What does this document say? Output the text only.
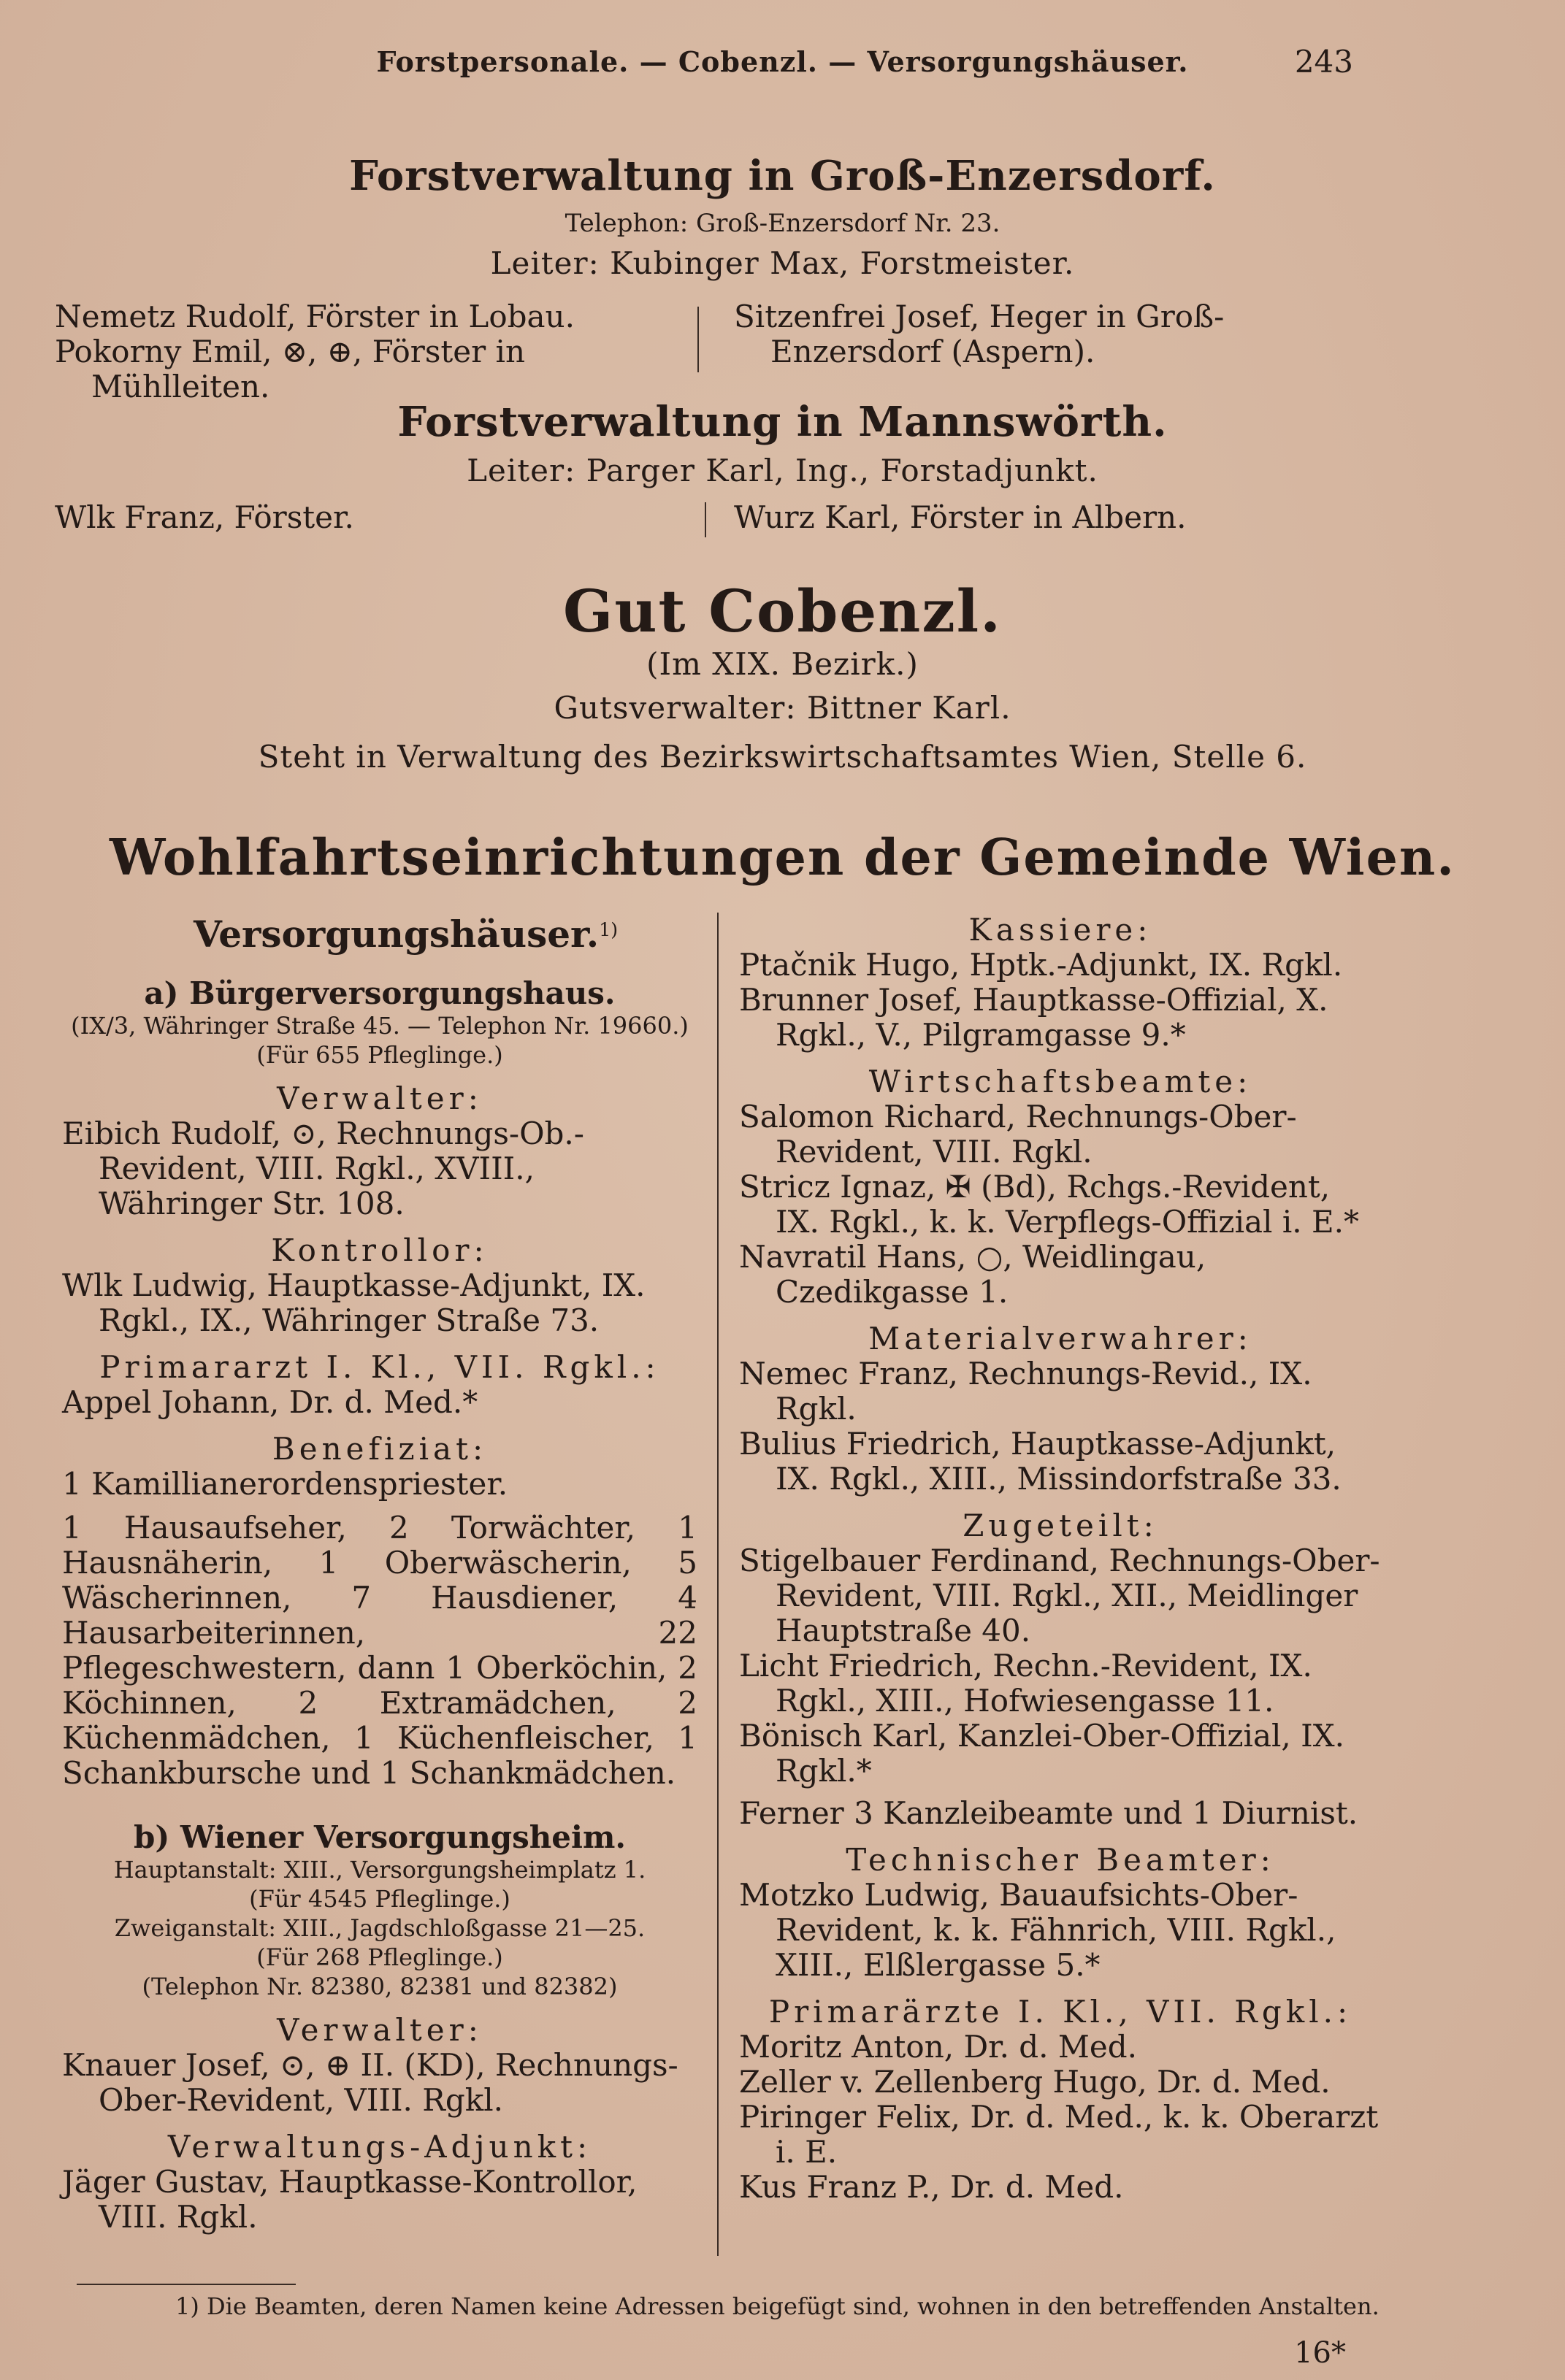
Forstpersonale. — Cobenzl. — Versorgungshäuser.	243
Forstverwaltung in Groß-Enzersdorf.
Telephon: Groß-Enzersdorf Nr. 23.
Leiter: Kubinger Max, Forstmeister.

Nemetz Rudolf, Förster in Lobau.

Pokorny Emil, ⊗, ⊕, Förster in Mühlleiten.

Sitzenfrei Josef, Heger in Groß-Enzersdorf (Aspern).

Forstverwaltung in Mannswörth.
Leiter: Parger Karl, Ing., Forstadjunkt.

Wlk Franz, Förster.	Wurz Karl, Förster in Albern.

Gut Cobenzl.
(Im XIX. Bezirk.)
Gutsverwalter: Bittner Karl.
Steht in Verwaltung des Bezirkswirtschaftsamtes Wien, Stelle 6.
Wohlfahrtseinrichtungen der Gemeinde Wien.

Versorgungshäuser.$^{1)}$

a) Bürgerversorgungshaus.

(IX/3, Währinger Straße 45. — Telephon Nr. 19660.)

(Für 655 Pfleglinge.)

Verwalter:

Eibich Rudolf, ⊙, Rechnungs-Ob.-Revident, VIII. Rgkl., XVIII., Währinger Str. 108.

Kontrollor:

Wlk Ludwig, Hauptkasse-Adjunkt, IX. Rgkl., IX., Währinger Straße 73.

Primararzt I. Kl., VII. Rgkl.:

Appel Johann, Dr. d. Med.*

Benefiziat:

1 Kamillianerordenspriester.

1 Hausaufseher, 2 Torwächter, 1 Hausnäherin, 1 Oberwäscherin, 5 Wäscherinnen, 7 Hausdiener, 4 Hausarbeiterinnen, 22 Pflegeschwestern, dann 1 Oberköchin, 2 Köchinnen, 2 Extramädchen, 2 Küchenmädchen, 1 Küchenfleischer, 1 Schankbursche und 1 Schankmädchen.

b) Wiener Versorgungsheim.

Hauptanstalt: XIII., Versorgungsheimplatz 1.

(Für 4545 Pfleglinge.)

Zweiganstalt: XIII., Jagdschloßgasse 21—25.

(Für 268 Pfleglinge.)

(Telephon Nr. 82380, 82381 und 82382)

Verwalter:

Knauer Josef, ⊙, ⊕ II. (KD), Rechnungs-Ober-Revident, VIII. Rgkl.

Verwaltungs-Adjunkt:

Jäger Gustav, Hauptkasse-Kontrollor, VIII. Rgkl.

Kassiere:

Ptačnik Hugo, Hptk.-Adjunkt, IX. Rgkl.

Brunner Josef, Hauptkasse-Offizial, X. Rgkl., V., Pilgramgasse 9.*

Wirtschaftsbeamte:

Salomon Richard, Rechnungs-Ober-Revident, VIII. Rgkl.

Stricz Ignaz, ✠ (Bd), Rchgs.-Revident, IX. Rgkl., k. k. Verpflegs-Offizial i. E.*

Navratil Hans, ○, Weidlingau, Czedikgasse 1.

Materialverwahrer:

Nemec Franz, Rechnungs-Revid., IX. Rgkl.

Bulius Friedrich, Hauptkasse-Adjunkt, IX. Rgkl., XIII., Missindorfstraße 33.

Zugeteilt:

Stigelbauer Ferdinand, Rechnungs-Ober-Revident, VIII. Rgkl., XII., Meidlinger Hauptstraße 40.

Licht Friedrich, Rechn.-Revident, IX. Rgkl., XIII., Hofwiesengasse 11.

Bönisch Karl, Kanzlei-Ober-Offizial, IX. Rgkl.*

Ferner 3 Kanzleibeamte und 1 Diurnist.

Technischer Beamter:

Motzko Ludwig, Bauaufsichts-Ober-Revident, k. k. Fähnrich, VIII. Rgkl., XIII., Elßlergasse 5.*

Primarärzte I. Kl., VII. Rgkl.:

Moritz Anton, Dr. d. Med.

Zeller v. Zellenberg Hugo, Dr. d. Med.

Piringer Felix, Dr. d. Med., k. k. Oberarzt i. E.

Kus Franz P., Dr. d. Med.

1) Die Beamten, deren Namen keine Adressen beigefügt sind, wohnen in den betreffenden Anstalten.
16*
